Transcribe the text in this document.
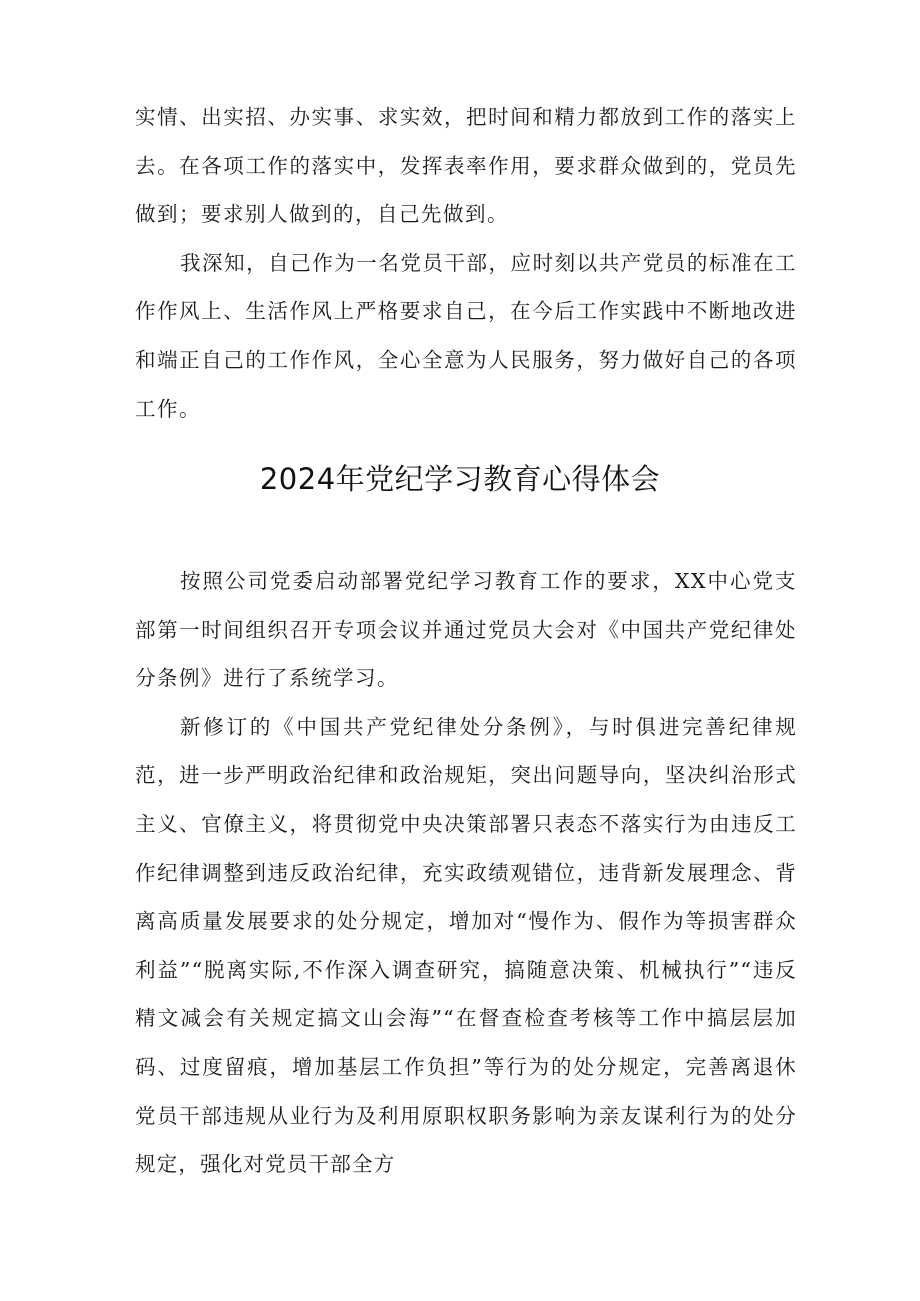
实情、出实招、办实事、求实效，把时间和精力都放到工作的落实上去。在各项工作的落实中，发挥表率作用，要求群众做到的，党员先做到；要求别人做到的，自己先做到。

我深知，自己作为一名党员干部，应时刻以共产党员的标准在工作作风上、生活作风上严格要求自己，在今后工作实践中不断地改进和端正自己的工作作风，全心全意为人民服务，努力做好自己的各项工作。

2024年党纪学习教育心得体会

按照公司党委启动部署党纪学习教育工作的要求，XX中心党支部第一时间组织召开专项会议并通过党员大会对《中国共产党纪律处分条例》进行了系统学习。

新修订的《中国共产党纪律处分条例》，与时俱进完善纪律规范，进一步严明政治纪律和政治规矩，突出问题导向，坚决纠治形式主义、官僚主义，将贯彻党中央决策部署只表态不落实行为由违反工作纪律调整到违反政治纪律，充实政绩观错位，违背新发展理念、背离高质量发展要求的处分规定，增加对“慢作为、假作为等损害群众利益”“脱离实际,不作深入调查研究，搞随意决策、机械执行”“违反精文减会有关规定搞文山会海”“在督查检查考核等工作中搞层层加码、过度留痕，增加基层工作负担”等行为的处分规定，完善离退休党员干部违规从业行为及利用原职权职务影响为亲友谋利行为的处分规定，强化对党员干部全方
